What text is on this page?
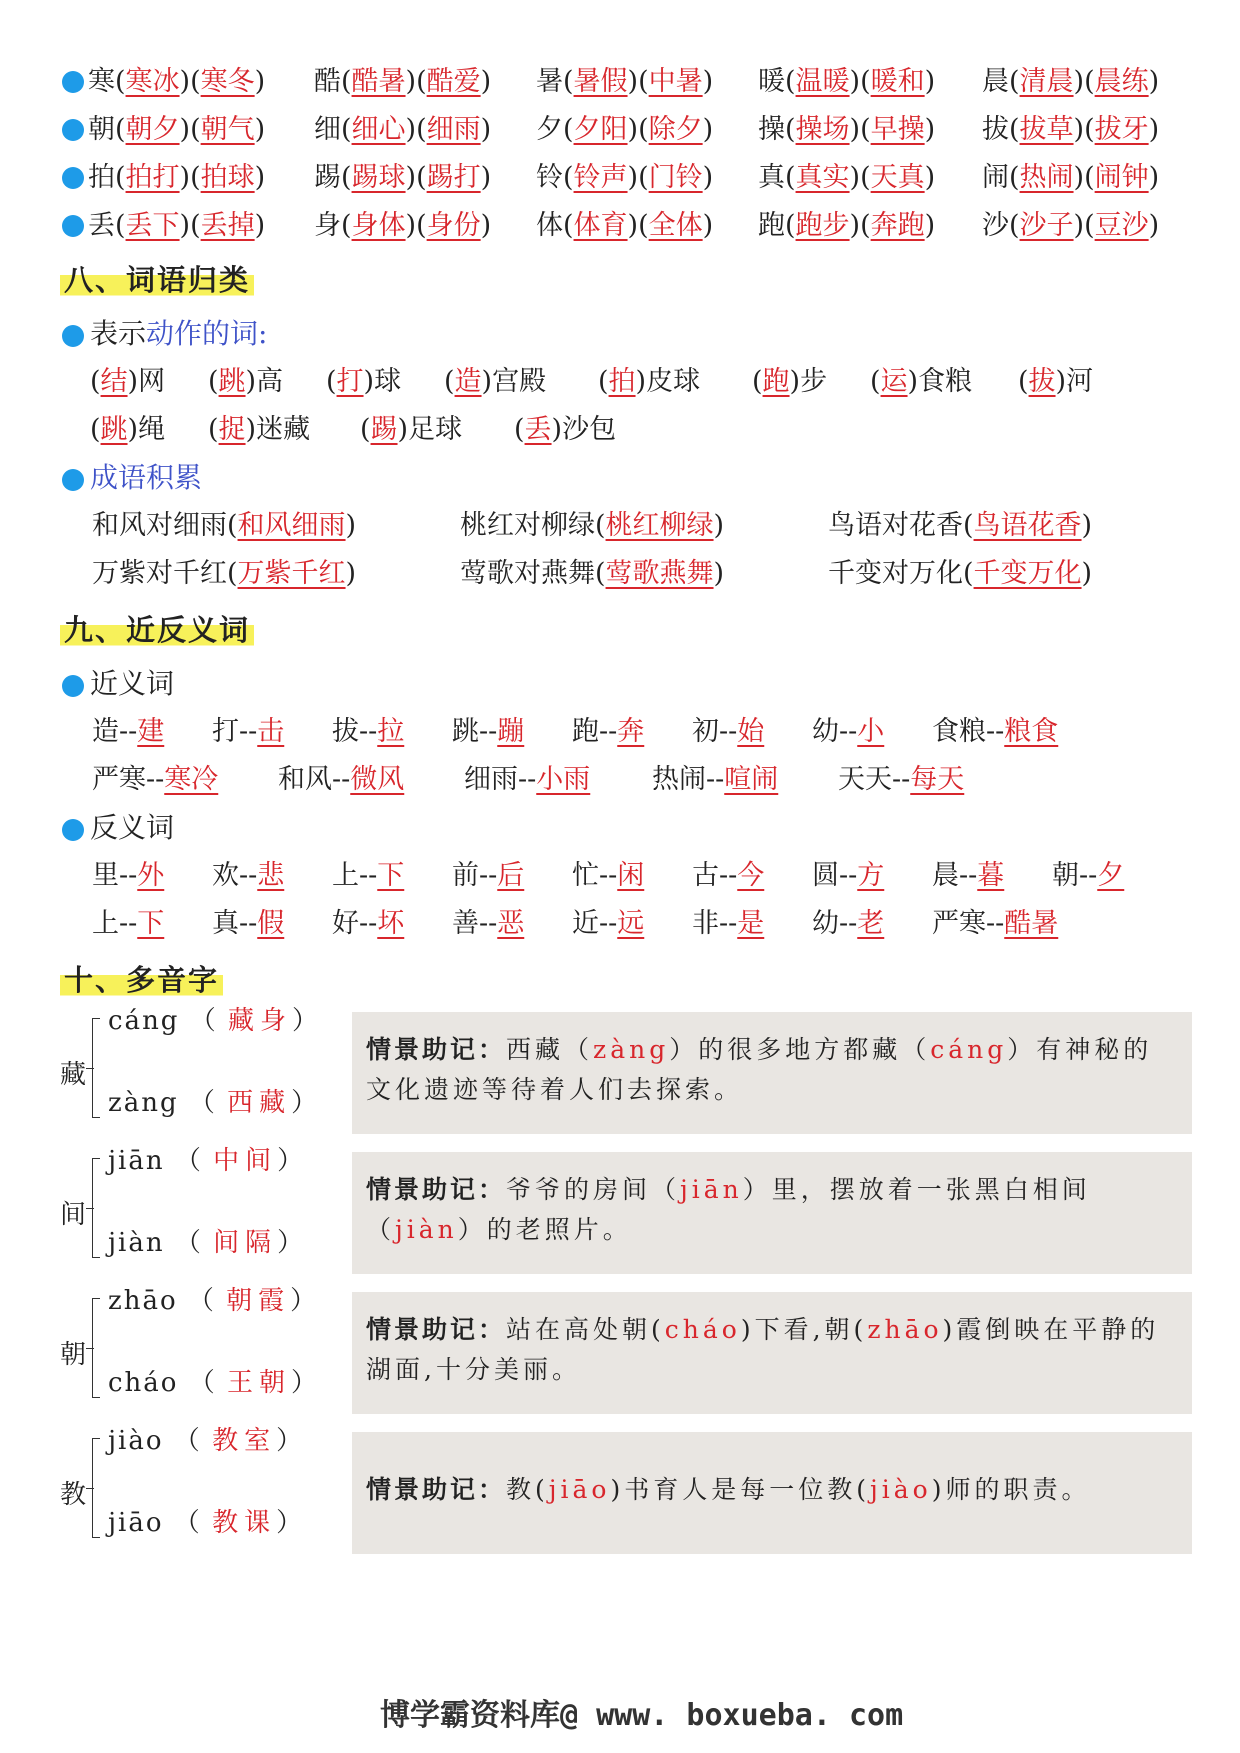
寒(寒冰)(寒冬) 酷(酷暑)(酷爱) 暑(暑假)(中暑) 暖(温暖)(暖和) 晨(清晨)(晨练)
朝(朝夕)(朝气) 细(细心)(细雨) 夕(夕阳)(除夕) 操(操场)(早操) 拔(拔草)(拔牙)
拍(拍打)(拍球) 踢(踢球)(踢打) 铃(铃声)(门铃) 真(真实)(天真) 闹(热闹)(闹钟)
丢(丢下)(丢掉) 身(身体)(身份) 体(体育)(全体) 跑(跑步)(奔跑) 沙(沙子)(豆沙)
八、词语归类
表示动作的词:
(结)网 (跳)高 (打)球 (造)宫殿 (拍)皮球 (跑)步 (运)食粮 (拔)河
(跳)绳 (捉)迷藏 (踢)足球 (丢)沙包
成语积累
和风对细雨(和风细雨)	桃红对柳绿(桃红柳绿)	鸟语对花香(鸟语花香)
万紫对千红(万紫千红)	莺歌对燕舞(莺歌燕舞)	千变对万化(千变万化)
九、近反义词
近义词
造--建 打--击 拔--拉 跳--蹦 跑--奔 初--始 幼--小 食粮--粮食
严寒--寒冷 和风--微风 细雨--小雨 热闹--喧闹 天天--每天
反义词
里--外 欢--悲 上--下 前--后 忙--闲 古--今 圆--方 晨--暮 朝--夕
上--下 真--假 好--坏 善--恶 近--远 非--是 幼--老 严寒--酷暑
十、多音字
藏
cáng （ 藏身）
zàng （ 西藏）
情景助记：西藏（zàng）的很多地方都藏（cáng）有神秘的文化遗迹等待着人们去探索。
间
jiān （ 中间）
jiàn （ 间隔）
情景助记：爷爷的房间（jiān）里，摆放着一张黑白相间（jiàn）的老照片。
朝
zhāo （ 朝霞）
cháo （ 王朝）
情景助记：站在高处朝(cháo)下看,朝(zhāo)霞倒映在平静的湖面,十分美丽。
教
jiào （ 教室）
jiāo （ 教课）
情景助记：教(jiāo)书育人是每一位教(jiào)师的职责。
博学霸资料库@ www. boxueba. com
